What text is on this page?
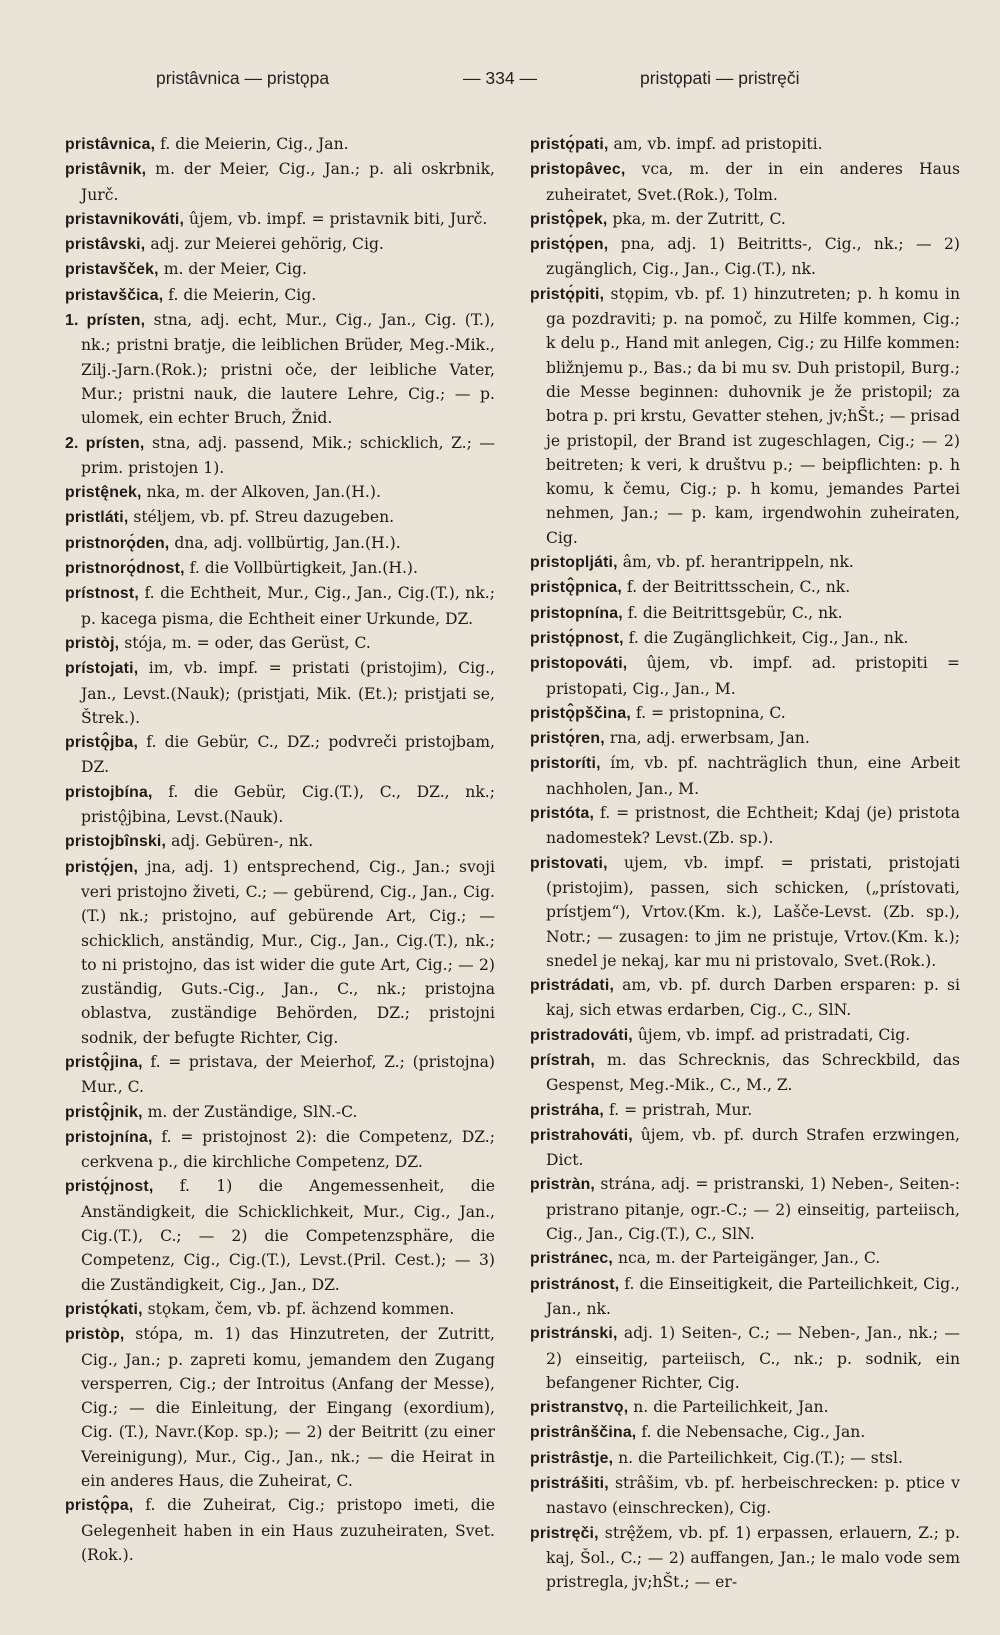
pristâvnica — pristǫpa	— 334 —	pristǫpati — pristręči

pristâvnica, f. die Meierin, Cig., Jan.

pristâvnik, m. der Meier, Cig., Jan.; p. ali oskrbnik, Jurč.

pristavnikováti, ûjem, vb. impf. = pristavnik biti, Jurč.

pristâvski, adj. zur Meierei gehörig, Cig.

pristavšček, m. der Meier, Cig.

pristavščica, f. die Meierin, Cig.

1. prísten, stna, adj. echt, Mur., Cig., Jan., Cig. (T.), nk.; pristni bratje, die leiblichen Brüder, Meg.-Mik., Zilj.-Jarn.(Rok.); pristni oče, der leibliche Vater, Mur.; pristni nauk, die lautere Lehre, Cig.; — p. ulomek, ein echter Bruch, Žnid.

2. prísten, stna, adj. passend, Mik.; schicklich, Z.; — prim. pristojen 1).

pristę̂nek, nka, m. der Alkoven, Jan.(H.).

pristláti, stéljem, vb. pf. Streu dazugeben.

pristnorǫ́den, dna, adj. vollbürtig, Jan.(H.).

pristnorǫ́dnost, f. die Vollbürtigkeit, Jan.(H.).

prístnost, f. die Echtheit, Mur., Cig., Jan., Cig.(T.), nk.; p. kacega pisma, die Echtheit einer Urkunde, DZ.

pristòj, stója, m. = oder, das Gerüst, C.

prístojati, im, vb. impf. = pristati (pristojim), Cig., Jan., Levst.(Nauk); (pristjati, Mik. (Et.); pristjati se, Štrek.).

pristǫ̂jba, f. die Gebür, C., DZ.; podvreči pristojbam, DZ.

pristojbína, f. die Gebür, Cig.(T.), C., DZ., nk.; pristǫ̂jbina, Levst.(Nauk).

pristojbînski, adj. Gebüren-, nk.

pristǫ́jen, jna, adj. 1) entsprechend, Cig., Jan.; svoji veri pristojno živeti, C.; — gebürend, Cig., Jan., Cig.(T.) nk.; pristojno, auf gebürende Art, Cig.; — schicklich, anständig, Mur., Cig., Jan., Cig.(T.), nk.; to ni pristojno, das ist wider die gute Art, Cig.; — 2) zuständig, Guts.-Cig., Jan., C., nk.; pristojna oblastva, zuständige Behörden, DZ.; pristojni sodnik, der befugte Richter, Cig.

pristǫ̂jina, f. = pristava, der Meierhof, Z.; (pristojna) Mur., C.

pristǫ̂jnik, m. der Zuständige, SlN.-C.

pristojnína, f. = pristojnost 2): die Competenz, DZ.; cerkvena p., die kirchliche Competenz, DZ.

pristǫ́jnost, f. 1) die Angemessenheit, die Anständigkeit, die Schicklichkeit, Mur., Cig., Jan., Cig.(T.), C.; — 2) die Competenzsphäre, die Competenz, Cig., Cig.(T.), Levst.(Pril. Cest.); — 3) die Zuständigkeit, Cig., Jan., DZ.

pristǫ́kati, stǫkam, čem, vb. pf. ächzend kommen.

pristòp, stópa, m. 1) das Hinzutreten, der Zutritt, Cig., Jan.; p. zapreti komu, jemandem den Zugang versperren, Cig.; der Introitus (Anfang der Messe), Cig.; — die Einleitung, der Eingang (exordium), Cig. (T.), Navr.(Kop. sp.); — 2) der Beitritt (zu einer Vereinigung), Mur., Cig., Jan., nk.; — die Heirat in ein anderes Haus, die Zuheirat, C.

pristǫ̂pa, f. die Zuheirat, Cig.; pristopo imeti, die Gelegenheit haben in ein Haus zuzuheiraten, Svet.(Rok.).

pristǫ́pati, am, vb. impf. ad pristopiti.

pristopâvec, vca, m. der in ein anderes Haus zuheiratet, Svet.(Rok.), Tolm.

pristǫ̂pek, pka, m. der Zutritt, C.

pristǫ́pen, pna, adj. 1) Beitritts-, Cig., nk.; — 2) zugänglich, Cig., Jan., Cig.(T.), nk.

pristǫ́piti, stǫpim, vb. pf. 1) hinzutreten; p. h komu in ga pozdraviti; p. na pomoč, zu Hilfe kommen, Cig.; k delu p., Hand mit anlegen, Cig.; zu Hilfe kommen: bližnjemu p., Bas.; da bi mu sv. Duh pristopil, Burg.; die Messe beginnen: duhovnik je že pristopil; za botra p. pri krstu, Gevatter stehen, jv;hŠt.; — prisad je pristopil, der Brand ist zugeschlagen, Cig.; — 2) beitreten; k veri, k društvu p.; — beipflichten: p. h komu, k čemu, Cig.; p. h komu, jemandes Partei nehmen, Jan.; — p. kam, irgendwohin zuheiraten, Cig.

pristopljáti, âm, vb. pf. herantrippeln, nk.

pristǫ̂pnica, f. der Beitrittsschein, C., nk.

pristopnína, f. die Beitrittsgebür, C., nk.

pristǫ́pnost, f. die Zugänglichkeit, Cig., Jan., nk.

pristopováti, ûjem, vb. impf. ad. pristopiti = pristopati, Cig., Jan., M.

pristǫ̂pščina, f. = pristopnina, C.

pristǫ́ren, rna, adj. erwerbsam, Jan.

pristoríti, ím, vb. pf. nachträglich thun, eine Arbeit nachholen, Jan., M.

pristóta, f. = pristnost, die Echtheit; Kdaj (je) pristota nadomestek? Levst.(Zb. sp.).

pristovati, ujem, vb. impf. = pristati, pristojati (pristojim), passen, sich schicken, („prístovati, prístjem“), Vrtov.(Km. k.), Lašče-Levst. (Zb. sp.), Notr.; — zusagen: to jim ne pristuje, Vrtov.(Km. k.); snedel je nekaj, kar mu ni pristovalo, Svet.(Rok.).

pristrádati, am, vb. pf. durch Darben ersparen: p. si kaj, sich etwas erdarben, Cig., C., SlN.

pristradováti, ûjem, vb. impf. ad pristradati, Cig.

prístrah, m. das Schrecknis, das Schreckbild, das Gespenst, Meg.-Mik., C., M., Z.

pristráha, f. = pristrah, Mur.

pristrahováti, ûjem, vb. pf. durch Strafen erzwingen, Dict.

pristràn, strána, adj. = pristranski, 1) Neben-, Seiten-: pristrano pitanje, ogr.-C.; — 2) einseitig, parteiisch, Cig., Jan., Cig.(T.), C., SlN.

pristránec, nca, m. der Parteigänger, Jan., C.

pristránost, f. die Einseitigkeit, die Parteilichkeit, Cig., Jan., nk.

pristránski, adj. 1) Seiten-, C.; — Neben-, Jan., nk.; — 2) einseitig, parteiisch, C., nk.; p. sodnik, ein befangener Richter, Cig.

pristranstvǫ, n. die Parteilichkeit, Jan.

pristrânščina, f. die Nebensache, Cig., Jan.

pristrâstje, n. die Parteilichkeit, Cig.(T.); — stsl.

pristrášiti, strâšim, vb. pf. herbeischrecken: p. ptice v nastavo (einschrecken), Cig.

pristręči, strę̂žem, vb. pf. 1) erpassen, erlauern, Z.; p. kaj, Šol., C.; — 2) auffangen, Jan.; le malo vode sem pristregla, jv;hŠt.; — er-
